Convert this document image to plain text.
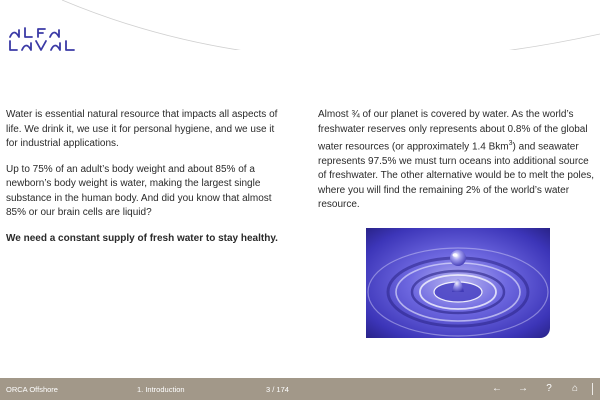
Water is essential natural resource that impacts all aspects of life. We drink it, we use it for personal hygiene, and we use it for industrial applications.

Up to 75% of an adult’s body weight and about 85% of a newborn’s body weight is water, making the largest single substance in the human body. And did you know that almost 85% or our brain cells are liquid?

We need a constant supply of fresh water to stay healthy.

Almost ¾ of our planet is covered by water. As the world’s freshwater reserves only represents about 0.8% of the global water resources (or approximately 1.4 Bkm$^3$) and seawater represents 97.5% we must turn oceans into additional source of freshwater. The other alternative would be to melt the poles, where you will find the remaining 2% of the world’s water resource.

ORCA Offshore	1. Introduction	3 / 174	←	→	?	⌂
